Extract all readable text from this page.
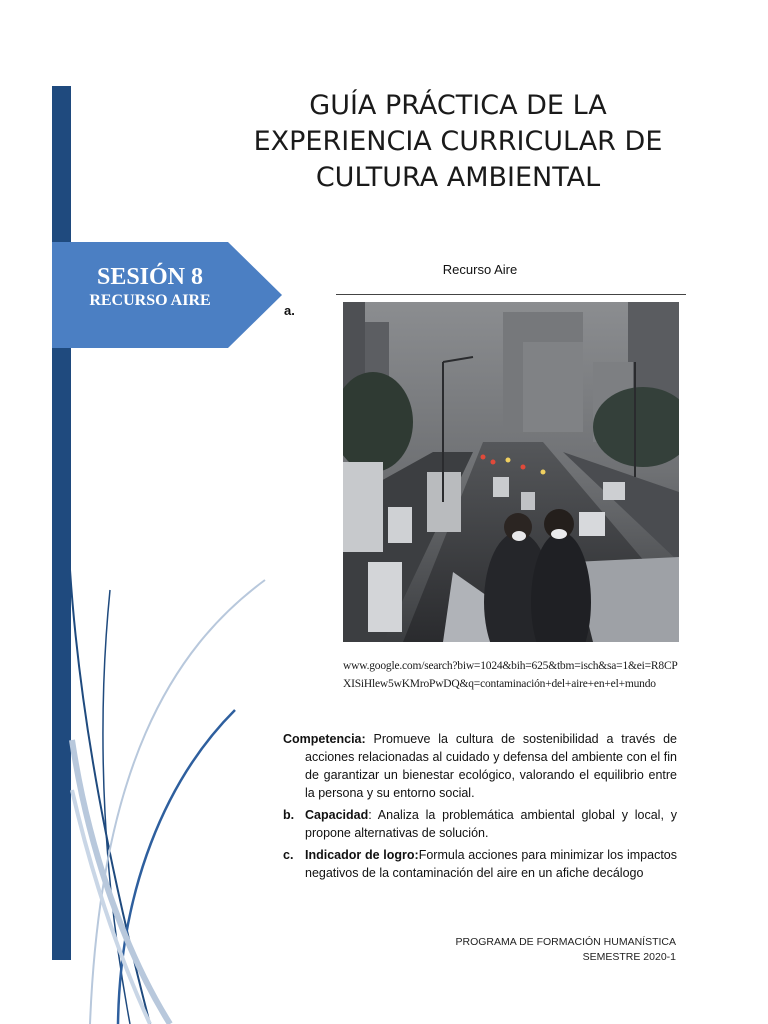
GUÍA PRÁCTICA DE LA
EXPERIENCIA CURRICULAR DE
CULTURA AMBIENTAL
SESIÓN 8
RECURSO AIRE
Recurso Aire
a.
www.google.com/search?biw=1024&bih=625&tbm=isch&sa=1&ei=R8CPXISiHlew5wKMroPwDQ&q=contaminación+del+aire+en+el+mundo

Competencia: Promueve la cultura de sostenibilidad a través de acciones relacionadas al cuidado y defensa del ambiente con el fin de garantizar un bienestar ecológico, valorando el equilibrio entre la persona y su entorno social.

b. Capacidad: Analiza la problemática ambiental global y local, y propone alternativas de solución.

c. Indicador de logro:Formula acciones para minimizar los impactos negativos de la contaminación del aire en un afiche decálogo

PROGRAMA DE FORMACIÓN HUMANÍSTICA
SEMESTRE 2020-1
